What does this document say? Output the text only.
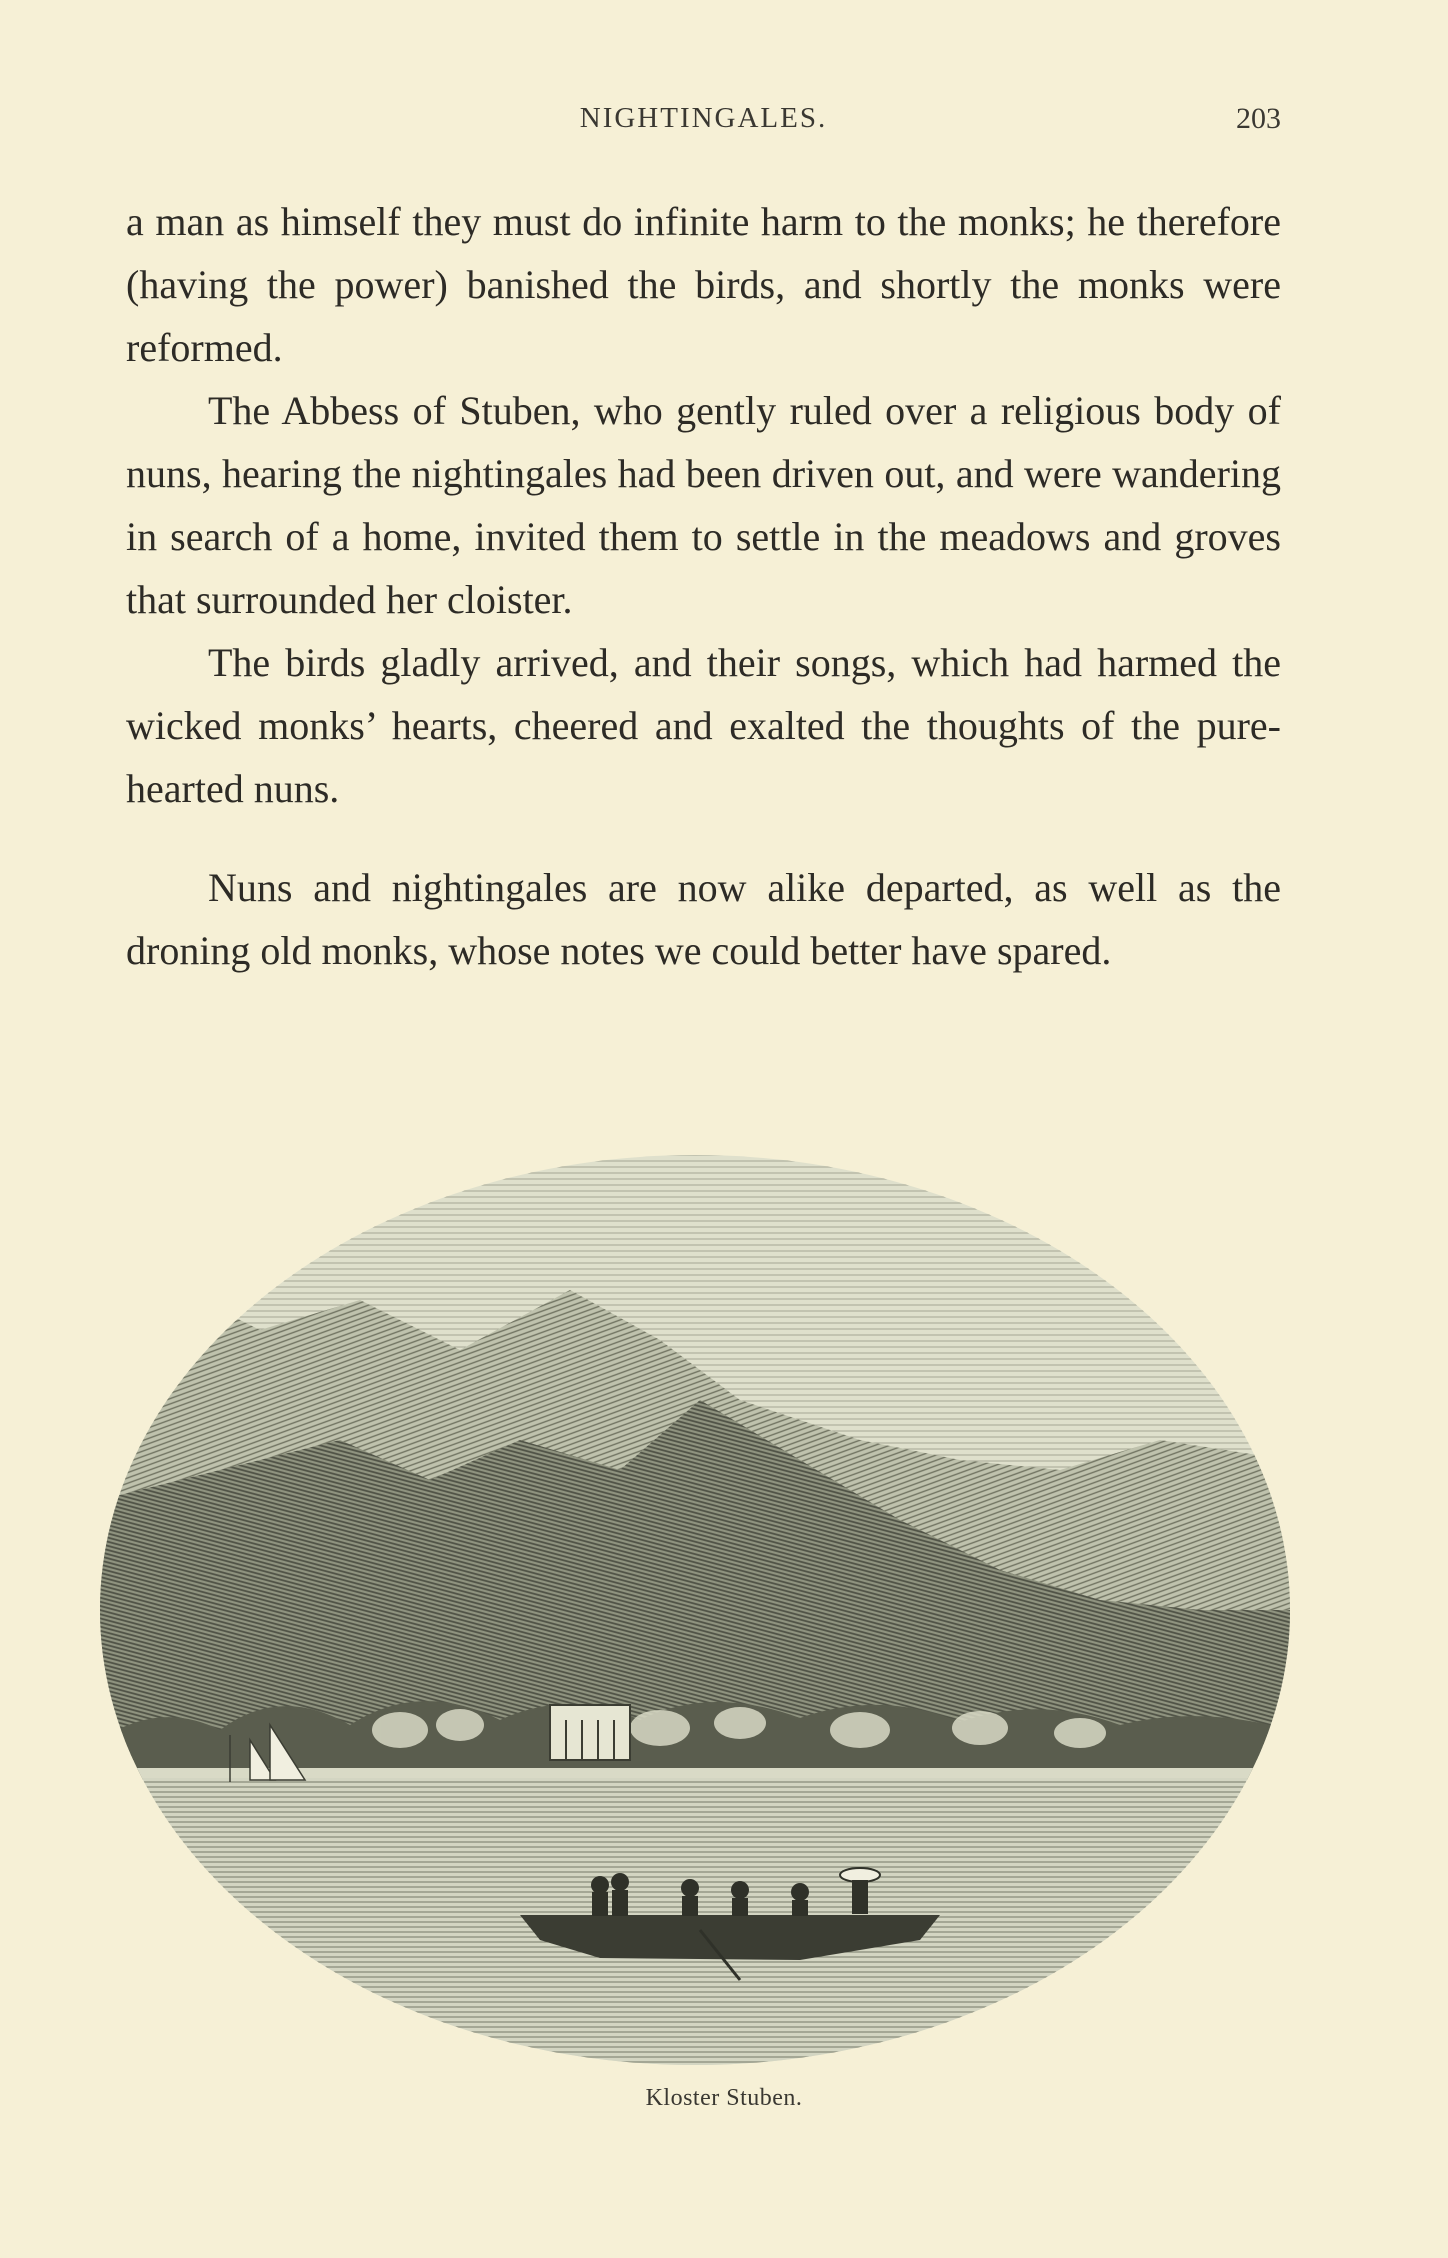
NIGHTINGALES.	203

a man as himself they must do infinite harm to the monks; he therefore (having the power) banished the birds, and shortly the monks were reformed.

The Abbess of Stuben, who gently ruled over a religious body of nuns, hearing the nightingales had been driven out, and were wandering in search of a home, invited them to settle in the meadows and groves that surrounded her cloister.

The birds gladly arrived, and their songs, which had harmed the wicked monks’ hearts, cheered and exalted the thoughts of the pure-hearted nuns.

Nuns and nightingales are now alike departed, as well as the droning old monks, whose notes we could better have spared.

Kloster Stuben.
